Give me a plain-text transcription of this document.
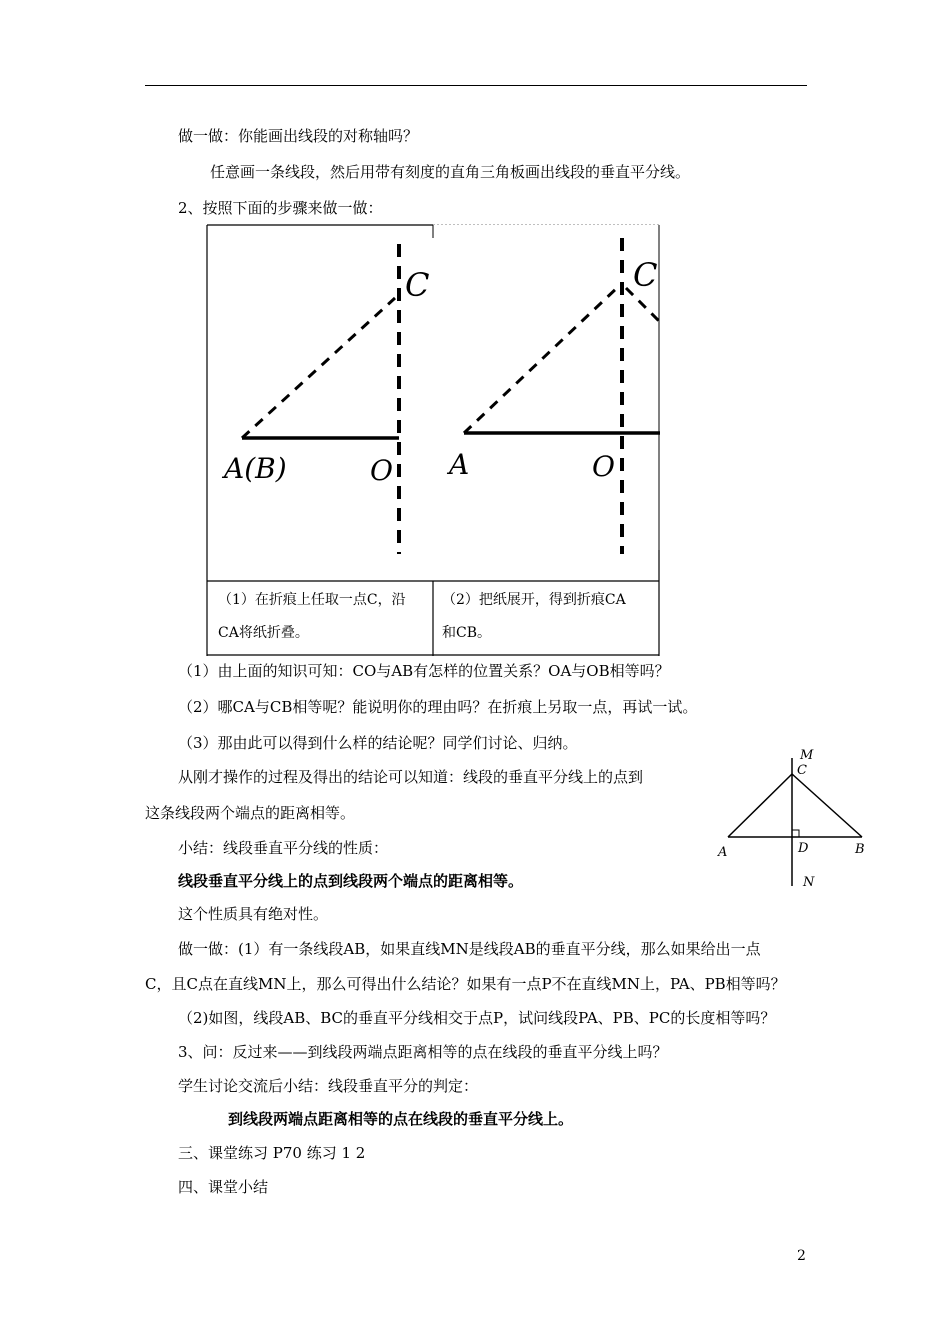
做一做：你能画出线段的对称轴吗？
任意画一条线段，然后用带有刻度的直角三角板画出线段的垂直平分线。
2、按照下面的步骤来做一做：
C
A(B)	O
C
A	O
（1）在折痕上任取一点C，沿
CA将纸折叠。
（2）把纸展开，得到折痕CA
和CB。
（1）由上面的知识可知：CO与AB有怎样的位置关系？OA与OB相等吗？
（2）哪CA与CB相等呢？能说明你的理由吗？在折痕上另取一点，再试一试。
（3）那由此可以得到什么样的结论呢？同学们讨论、归纳。
从刚才操作的过程及得出的结论可以知道：线段的垂直平分线上的点到
这条线段两个端点的距离相等。
小结：线段垂直平分线的性质：
线段垂直平分线上的点到线段两个端点的距离相等。
这个性质具有绝对性。
做一做：(1）有一条线段AB，如果直线MN是线段AB的垂直平分线，那么如果给出一点
C，且C点在直线MN上，那么可得出什么结论？如果有一点P不在直线MN上，PA、PB相等吗？
（2)如图，线段AB、BC的垂直平分线相交于点P，试问线段PA、PB、PC的长度相等吗？
3、问：反过来——到线段两端点距离相等的点在线段的垂直平分线上吗？
学生讨论交流后小结：线段垂直平分的判定：
到线段两端点距离相等的点在线段的垂直平分线上。
三、课堂练习 P70 练习 1 2
四、课堂小结
M
C
A	D	B
N
2
